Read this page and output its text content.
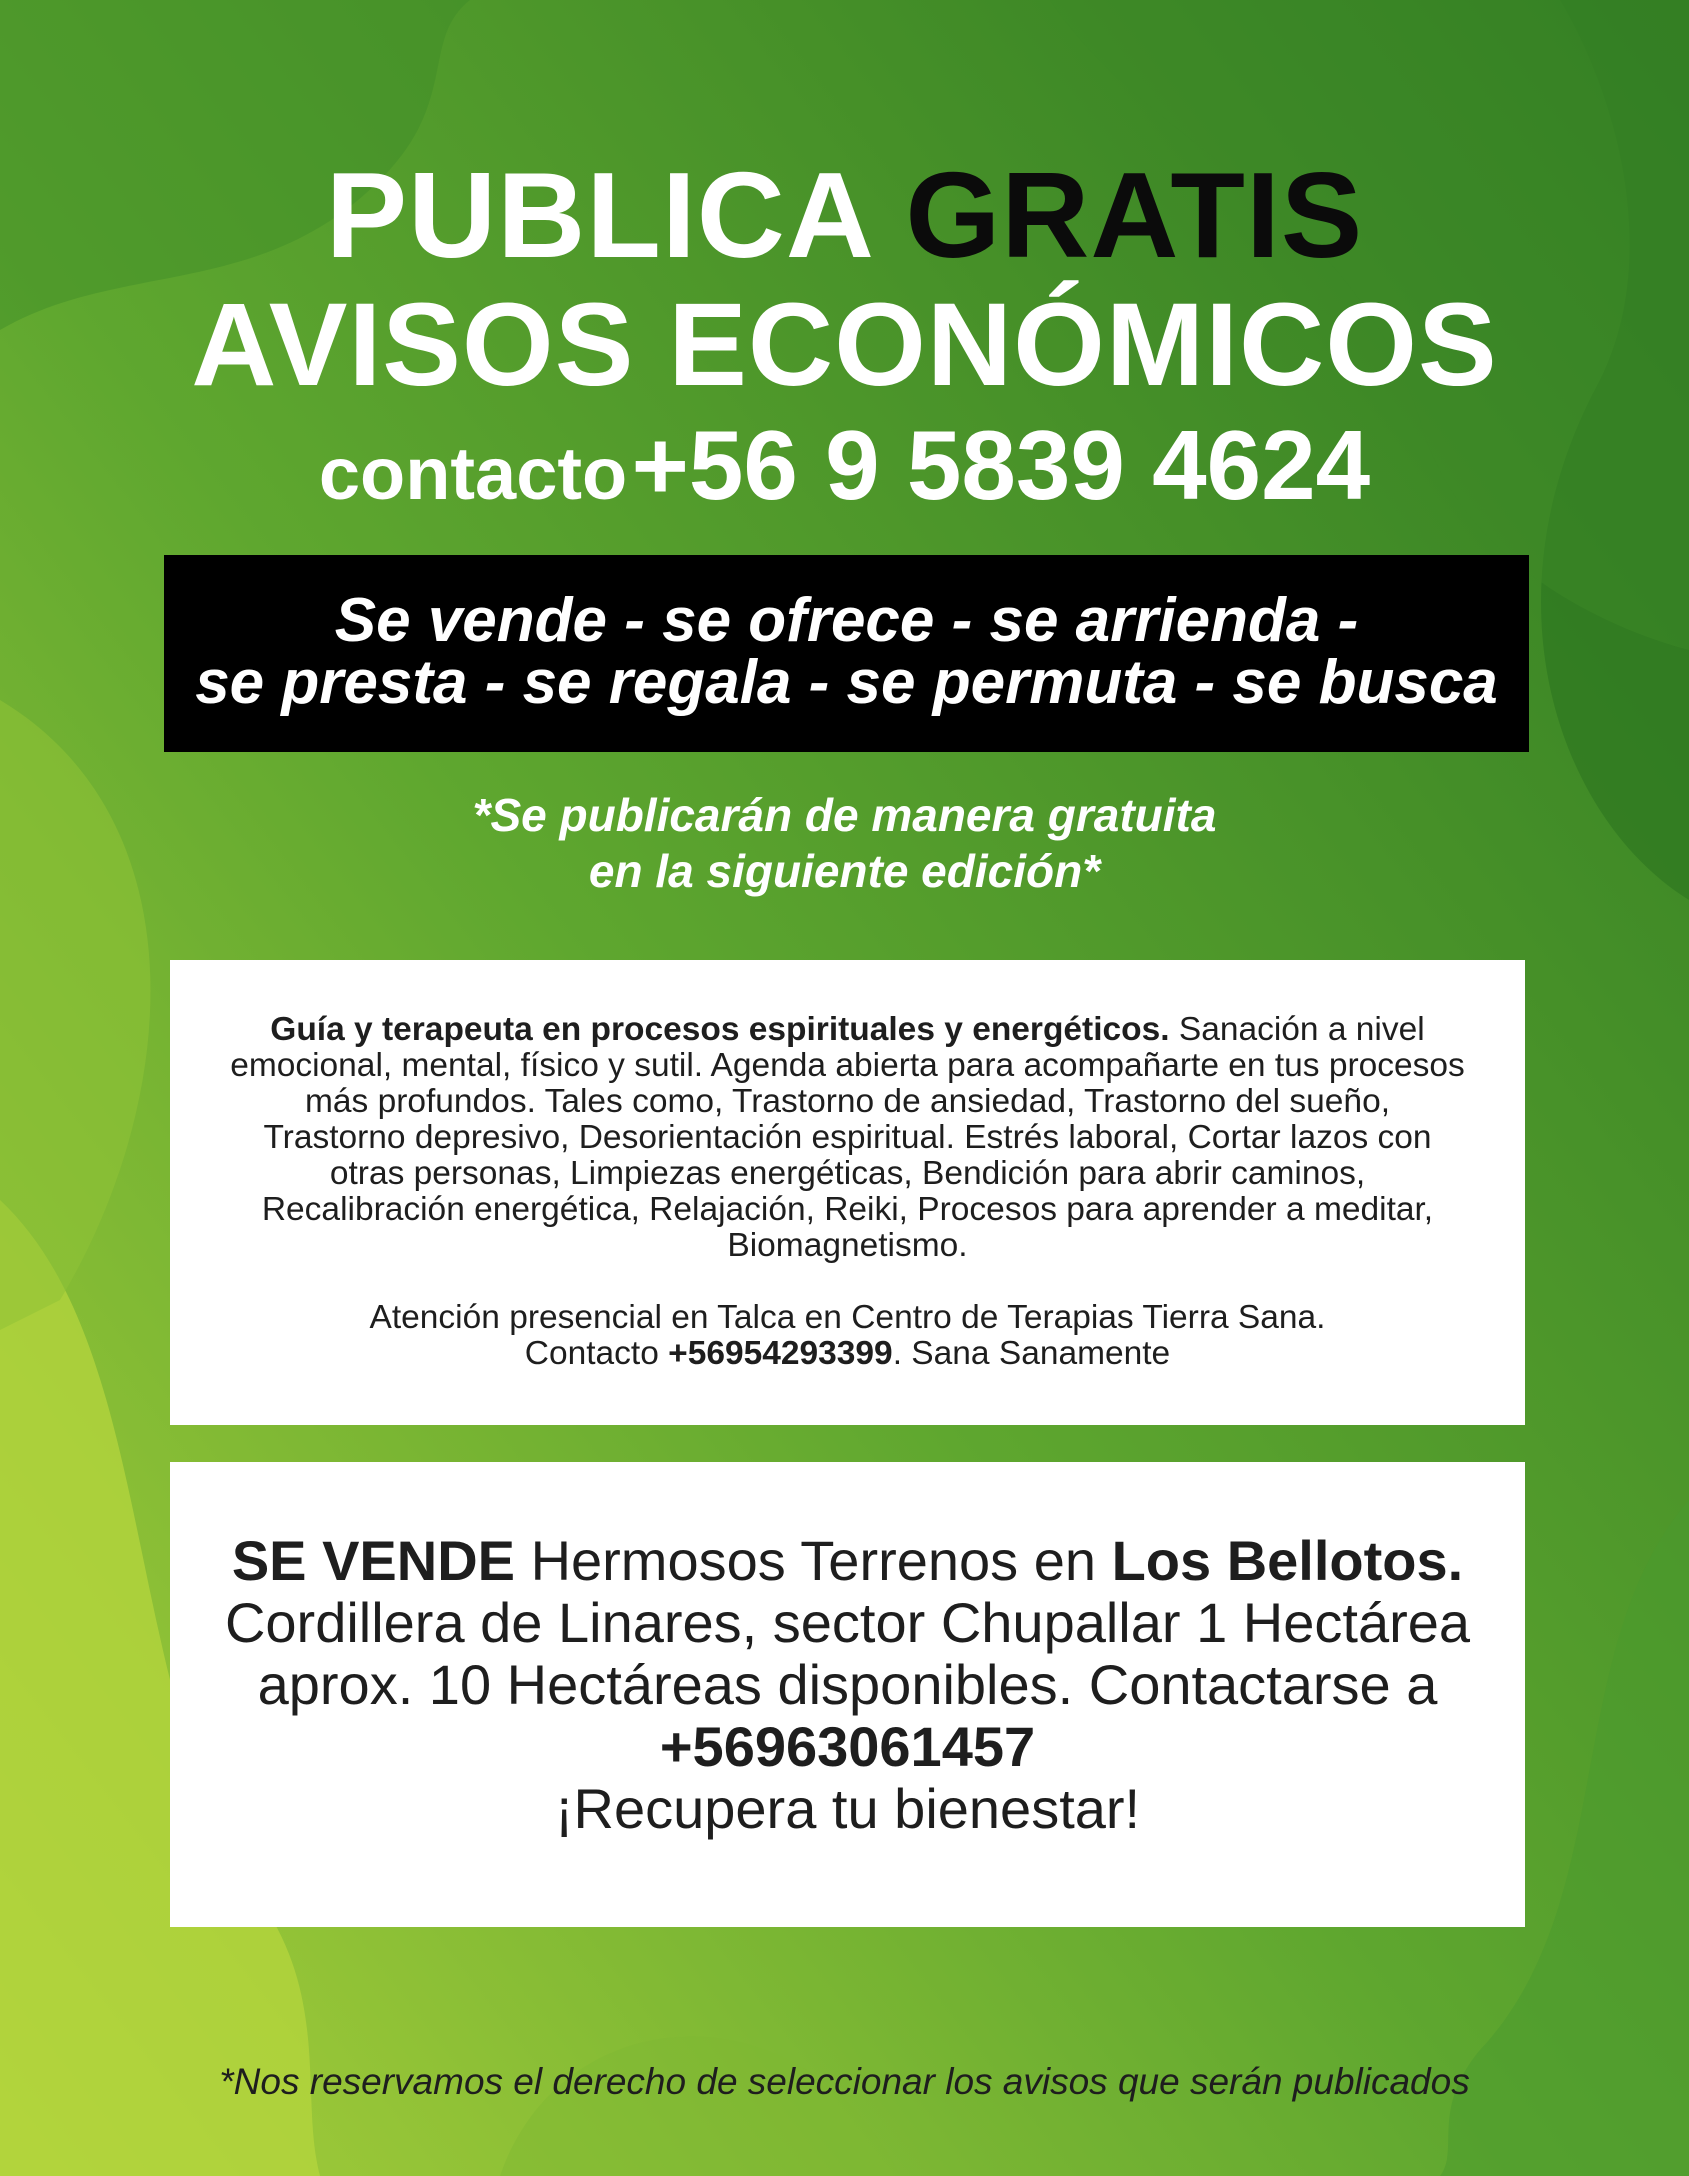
PUBLICA GRATIS
AVISOS ECONÓMICOS
contacto +56 9 5839 4624
Se vende - se ofrece - se arrienda -
se presta - se regala - se permuta - se busca
*Se publicarán de manera gratuita
en la siguiente edición*
Guía y terapeuta en procesos espirituales y energéticos. Sanación a nivel emocional, mental, físico y sutil. Agenda abierta para acompañarte en tus procesos más profundos. Tales como, Trastorno de ansiedad, Trastorno del sueño, Trastorno depresivo, Desorientación espiritual. Estrés laboral, Cortar lazos con otras personas, Limpiezas energéticas, Bendición para abrir caminos, Recalibración energética, Relajación, Reiki, Procesos para aprender a meditar, Biomagnetismo.
Atención presencial en Talca en Centro de Terapias Tierra Sana.
Contacto +56954293399. Sana Sanamente
SE VENDE Hermosos Terrenos en Los Bellotos. Cordillera de Linares, sector Chupallar 1 Hectárea aprox. 10 Hectáreas disponibles. Contactarse a +56963061457
¡Recupera tu bienestar!
*Nos reservamos el derecho de seleccionar los avisos que serán publicados
